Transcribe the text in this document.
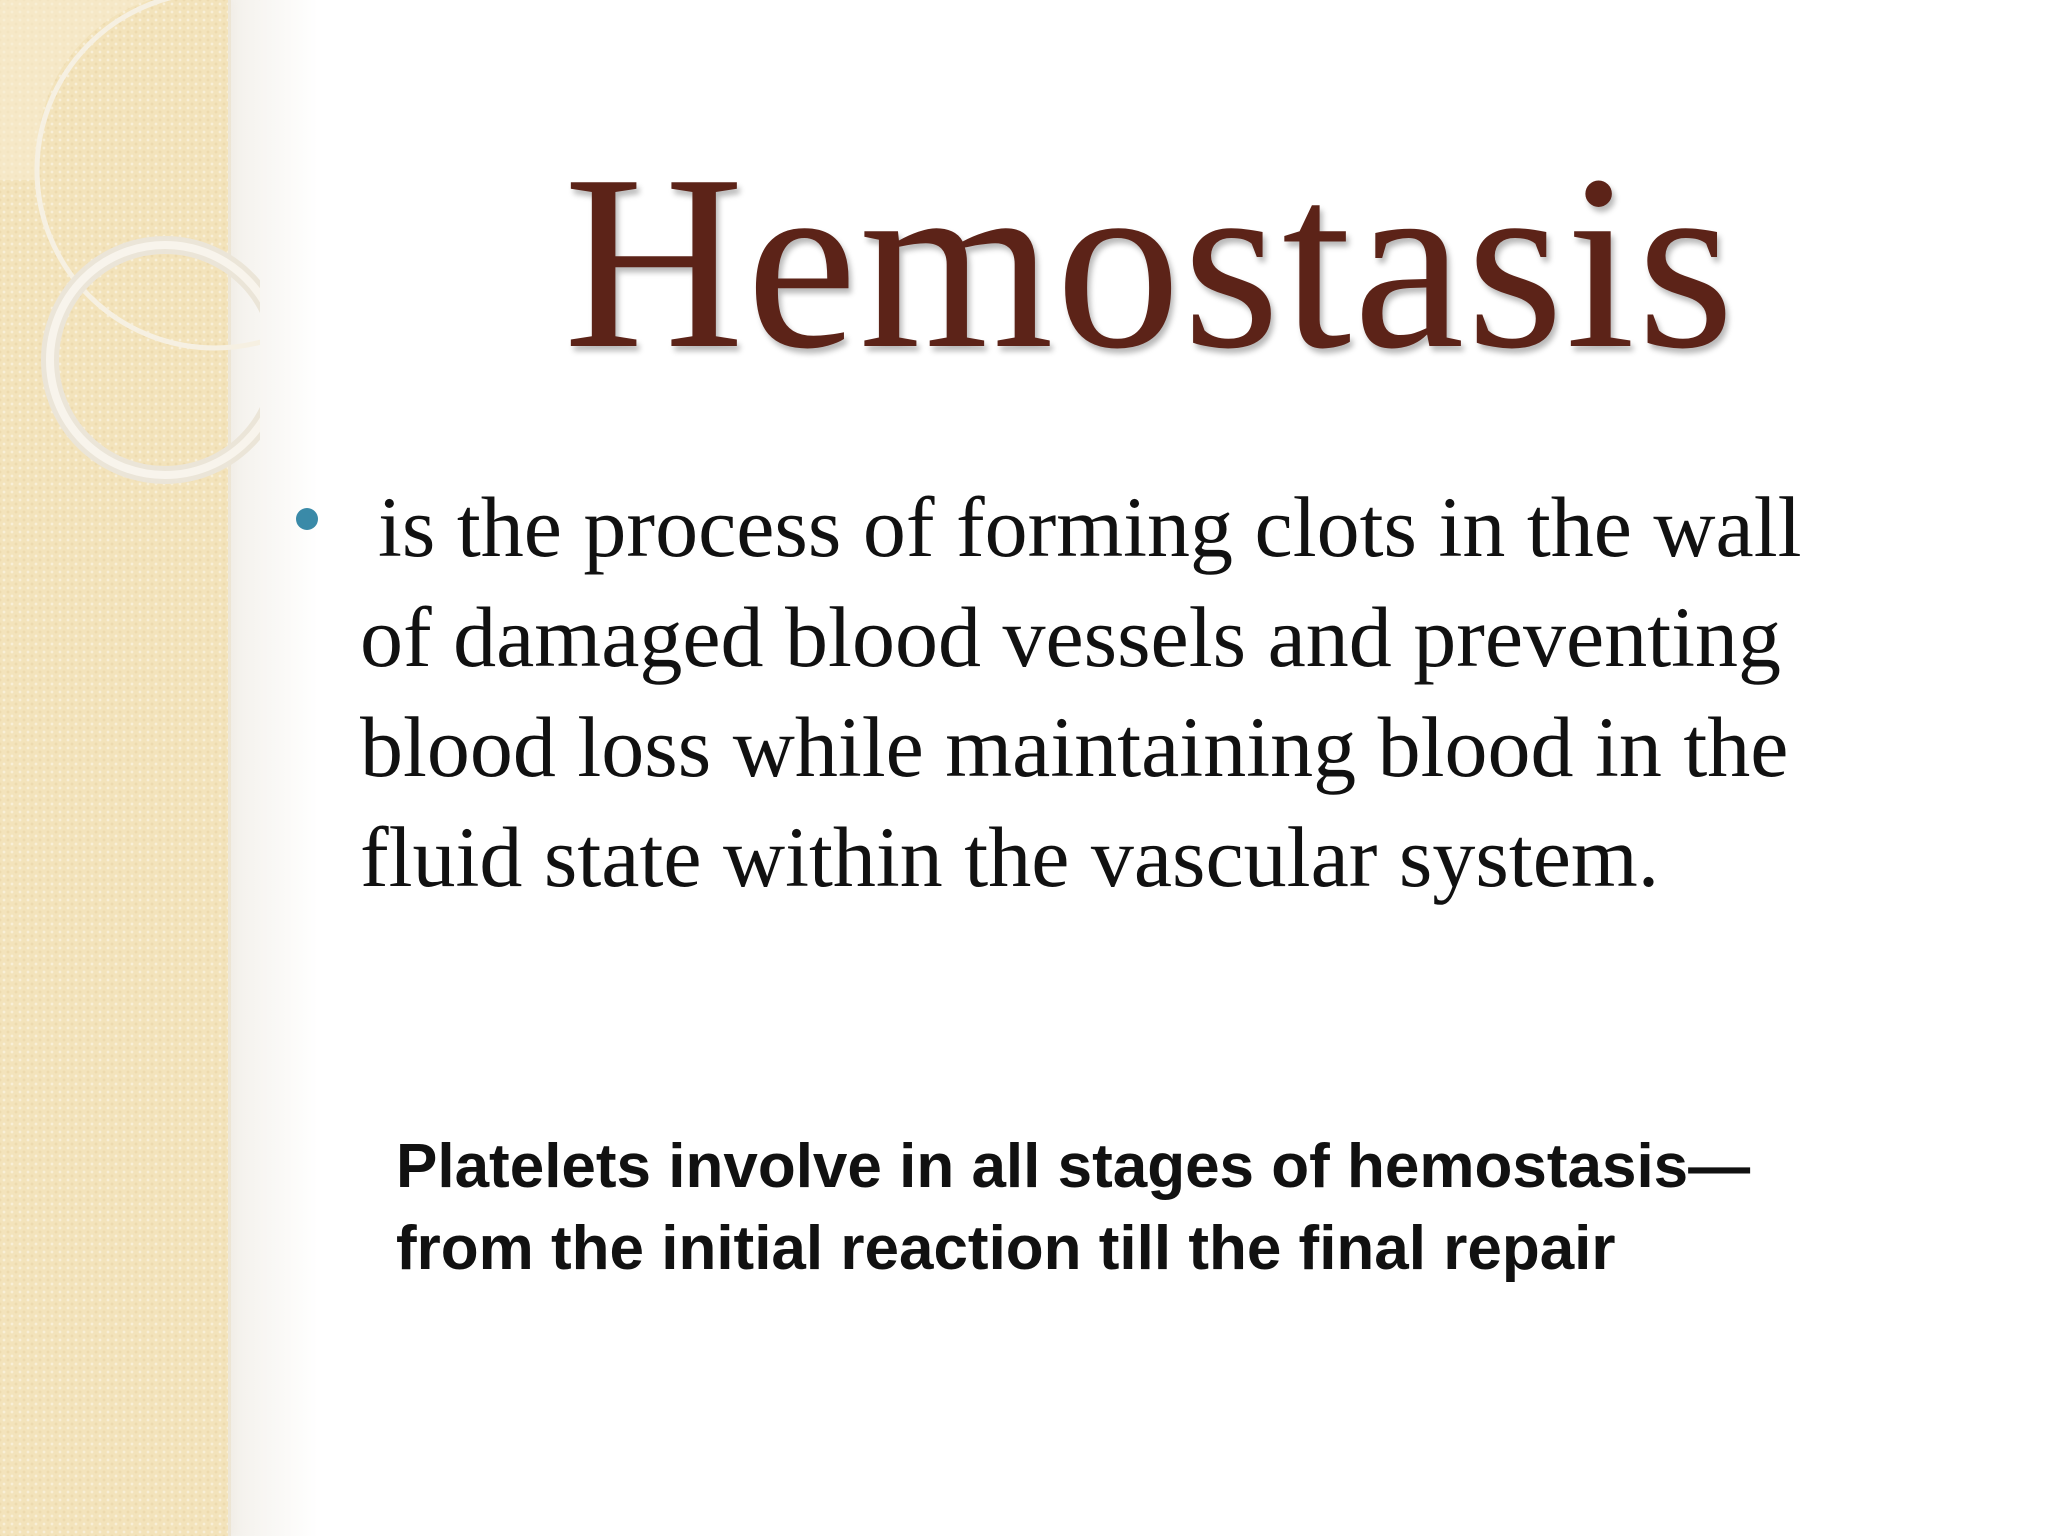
Hemostasis

is the process of forming clots in the wall
of damaged blood vessels and preventing
blood loss while maintaining blood in the
fluid state within the vascular system.

Platelets involve in all stages of hemostasis—
from the initial reaction till the final repair
